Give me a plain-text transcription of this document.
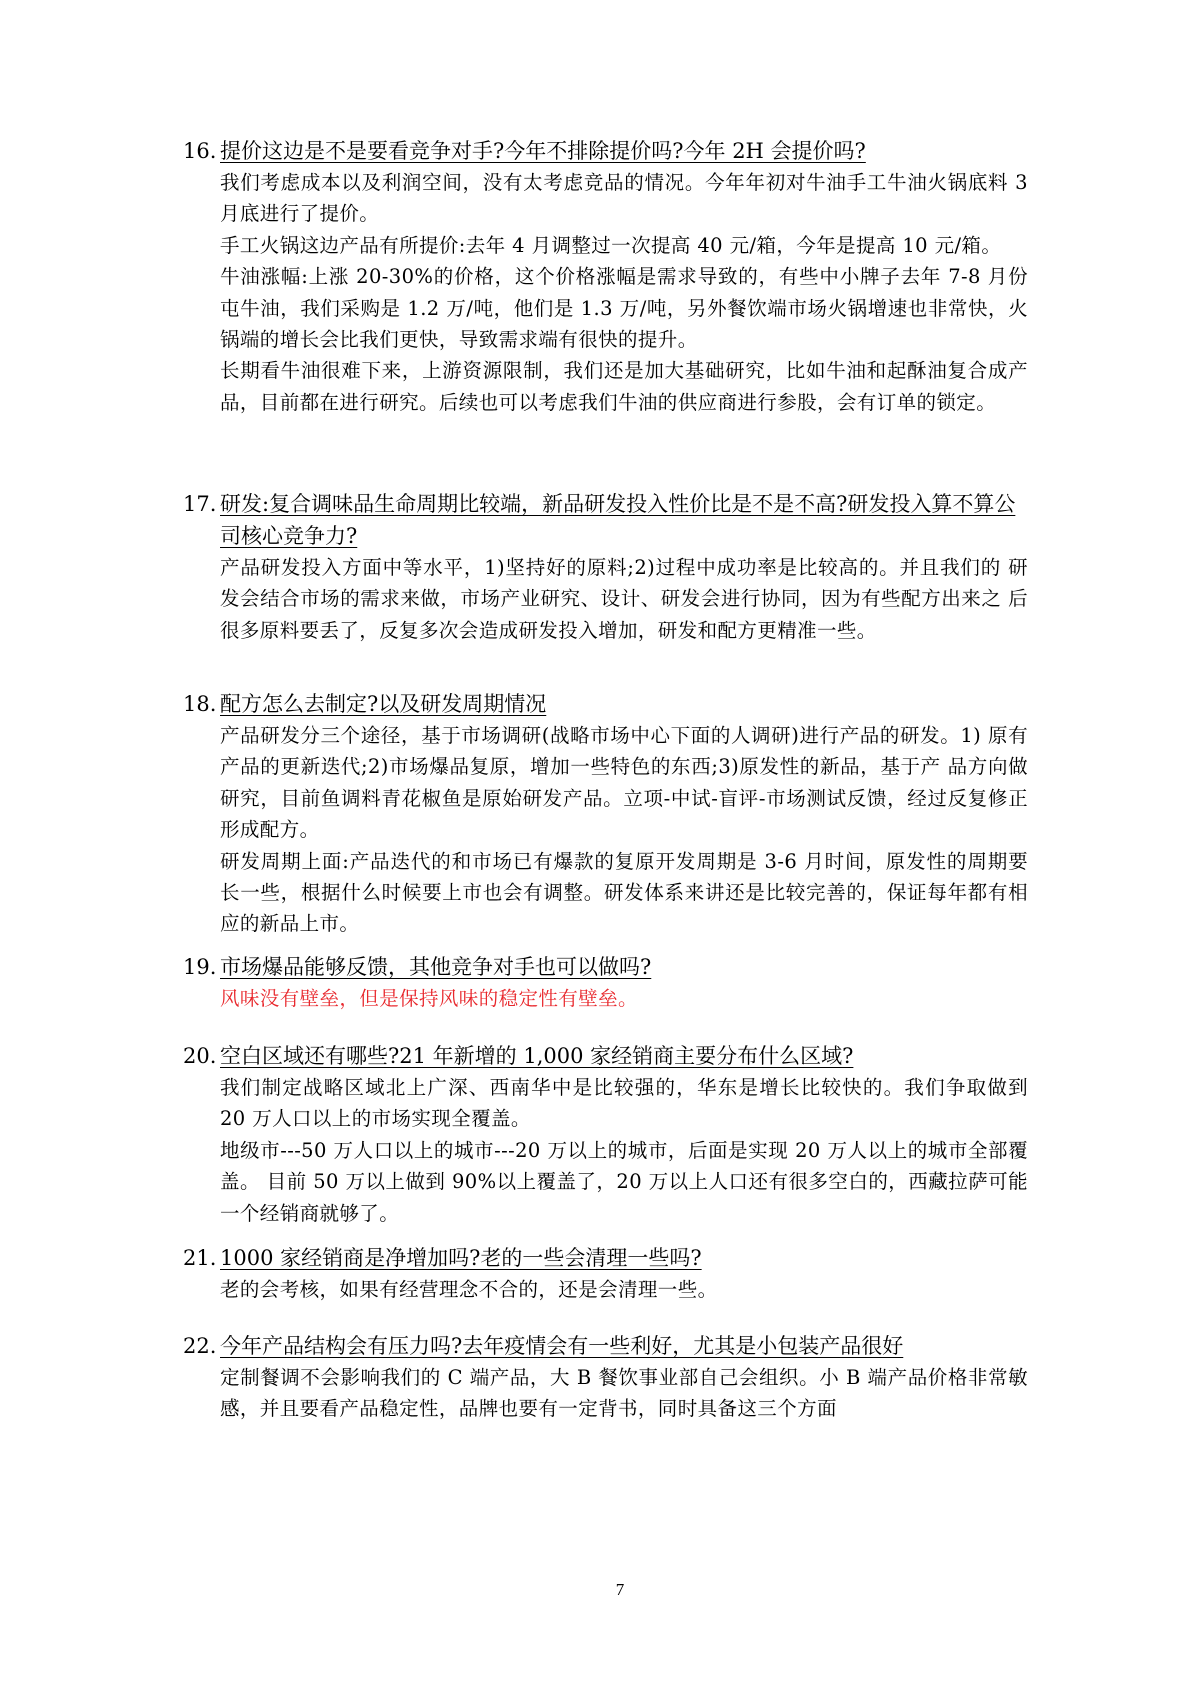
16. 提价这边是不是要看竞争对手?今年不排除提价吗?今年 2H 会提价吗?
我们考虑成本以及利润空间，没有太考虑竞品的情况。今年年初对牛油手工牛油火锅底料 3 月底进行了提价。
手工火锅这边产品有所提价:去年 4 月调整过一次提高 40 元/箱，今年是提高 10 元/箱。
牛油涨幅:上涨 20-30%的价格，这个价格涨幅是需求导致的，有些中小牌子去年 7-8 月份屯牛油，我们采购是 1.2 万/吨，他们是 1.3 万/吨，另外餐饮端市场火锅增速也非常快，火锅端的增长会比我们更快，导致需求端有很快的提升。
长期看牛油很难下来，上游资源限制，我们还是加大基础研究，比如牛油和起酥油复合成产品，目前都在进行研究。后续也可以考虑我们牛油的供应商进行参股，会有订单的锁定。
17. 研发:复合调味品生命周期比较端，新品研发投入性价比是不是不高?研发投入算不算公 司核心竞争力?
产品研发投入方面中等水平，1)坚持好的原料;2)过程中成功率是比较高的。并且我们的 研发会结合市场的需求来做，市场产业研究、设计、研发会进行协同，因为有些配方出来之 后很多原料要丢了，反复多次会造成研发投入增加，研发和配方更精准一些。
18. 配方怎么去制定?以及研发周期情况
产品研发分三个途径，基于市场调研(战略市场中心下面的人调研)进行产品的研发。1) 原有产品的更新迭代;2)市场爆品复原，增加一些特色的东西;3)原发性的新品，基于产 品方向做研究，目前鱼调料青花椒鱼是原始研发产品。立项-中试-盲评-市场测试反馈，经过反复修正形成配方。
研发周期上面:产品迭代的和市场已有爆款的复原开发周期是 3-6 月时间，原发性的周期要长一些，根据什么时候要上市也会有调整。研发体系来讲还是比较完善的，保证每年都有相应的新品上市。
19. 市场爆品能够反馈，其他竞争对手也可以做吗?
风味没有壁垒，但是保持风味的稳定性有壁垒。
20. 空白区域还有哪些?21 年新增的 1,000 家经销商主要分布什么区域?
我们制定战略区域北上广深、西南华中是比较强的，华东是增长比较快的。我们争取做到 20 万人口以上的市场实现全覆盖。
地级市---50 万人口以上的城市---20 万以上的城市，后面是实现 20 万人以上的城市全部覆盖。 目前 50 万以上做到 90%以上覆盖了，20 万以上人口还有很多空白的，西藏拉萨可能一个经销商就够了。
21. 1000 家经销商是净增加吗?老的一些会清理一些吗?
老的会考核，如果有经营理念不合的，还是会清理一些。
22. 今年产品结构会有压力吗?去年疫情会有一些利好，尤其是小包装产品很好
定制餐调不会影响我们的 C 端产品，大 B 餐饮事业部自己会组织。小 B 端产品价格非常敏感，并且要看产品稳定性，品牌也要有一定背书，同时具备这三个方面
7
